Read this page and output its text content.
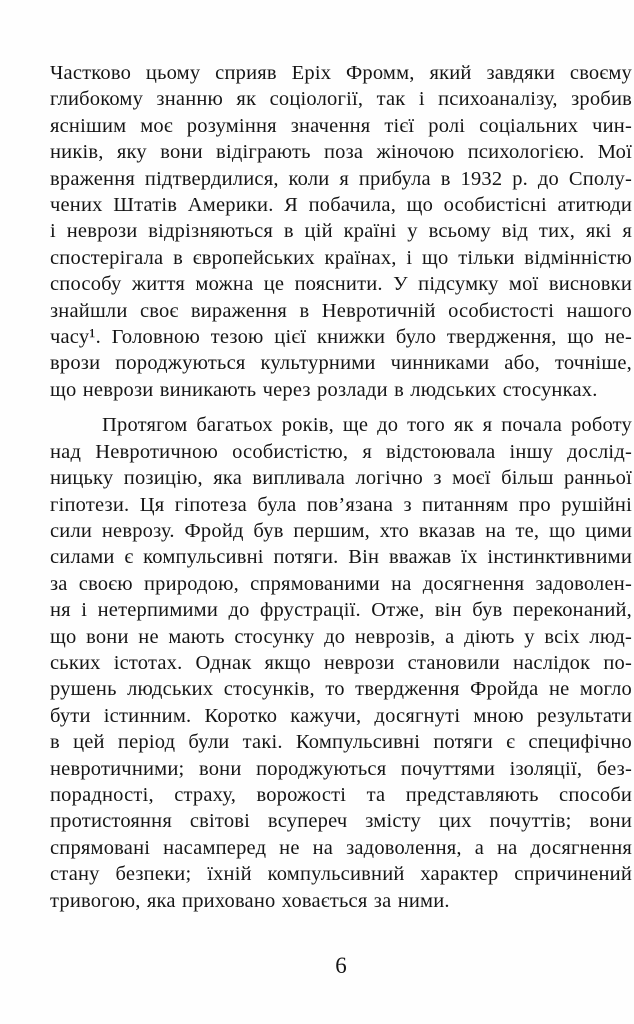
Частково цьому сприяв Еріх Фромм, який завдяки своєму
глибокому знанню як соціології, так і психоаналізу, зробив
яснішим моє розуміння значення тієї ролі соціальних чин-
ників, яку вони відіграють поза жіночою психологією. Мої
враження підтвердилися, коли я прибула в 1932 р. до Сполу-
чених Штатів Америки. Я побачила, що особистісні атитюди
і неврози відрізняються в цій країні у всьому від тих, які я
спостерігала в європейських країнах, і що тільки відмінністю
способу життя можна це пояснити. У підсумку мої висновки
знайшли своє вираження в Невротичній особистості нашого
часу¹. Головною тезою цієї книжки було твердження, що не-
врози породжуються культурними чинниками або, точніше,
що неврози виникають через розлади в людських стосунках.

Протягом багатьох років, ще до того як я почала роботу
над Невротичною особистістю, я відстоювала іншу дослід-
ницьку позицію, яка випливала логічно з моєї більш ранньої
гіпотези. Ця гіпотеза була пов’язана з питанням про рушійні
сили неврозу. Фройд був першим, хто вказав на те, що цими
силами є компульсивні потяги. Він вважав їх інстинктивними
за своєю природою, спрямованими на досягнення задоволен-
ня і нетерпимими до фрустрації. Отже, він був переконаний,
що вони не мають стосунку до неврозів, а діють у всіх люд-
ських істотах. Однак якщо неврози становили наслідок по-
рушень людських стосунків, то твердження Фройда не могло
бути істинним. Коротко кажучи, досягнуті мною результати
в цей період були такі. Компульсивні потяги є специфічно
невротичними; вони породжуються почуттями ізоляції, без-
порадності, страху, ворожості та представляють способи
протистояння світові всупереч змісту цих почуттів; вони
спрямовані насамперед не на задоволення, а на досягнення
стану безпеки; їхній компульсивний характер спричинений
тривогою, яка приховано ховається за ними.

6
